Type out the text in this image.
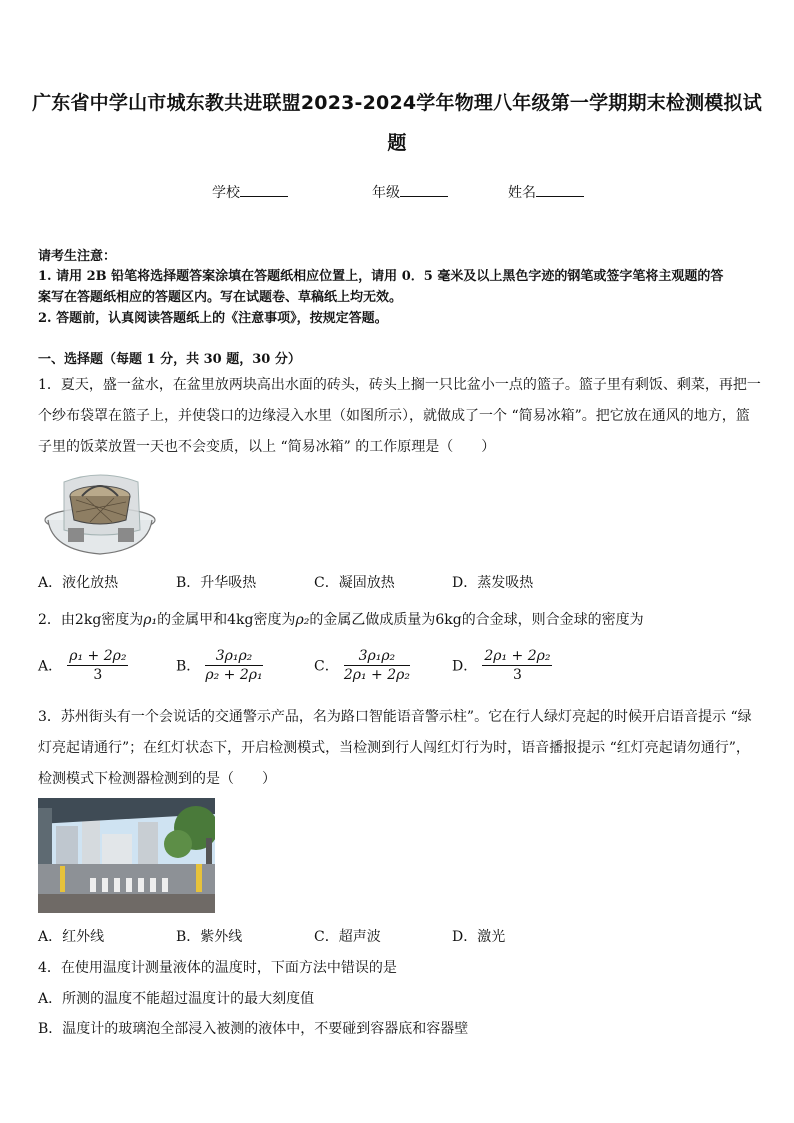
广东省中学山市城东教共进联盟2023-2024学年物理八年级第一学期期末检测模拟试
题
学校	年级	姓名
请考生注意：
1. 请用 2B 铅笔将选择题答案涂填在答题纸相应位置上，请用 0．5 毫米及以上黑色字迹的钢笔或签字笔将主观题的答
案写在答题纸相应的答题区内。写在试题卷、草稿纸上均无效。
2. 答题前，认真阅读答题纸上的《注意事项》，按规定答题。
一、选择题（每题 1 分，共 30 题，30 分）
1．夏天，盛一盆水，在盆里放两块高出水面的砖头，砖头上搁一只比盆小一点的篮子。篮子里有剩饭、剩菜，再把一
个纱布袋罩在篮子上，并使袋口的边缘浸入水里（如图所示），就做成了一个 “简易冰箱”。把它放在通风的地方，篮
子里的饭菜放置一天也不会变质，以上 “简易冰箱” 的工作原理是（　　）
A．液化放热	B．升华吸热	C．凝固放热	D．蒸发吸热
2．由2kg密度为ρ₁的金属甲和4kg密度为ρ₂的金属乙做成质量为6kg的合金球，则合金球的密度为
A． $\frac{\text{ρ₁ + 2ρ₂}}{3}$	B． $\frac{\text{3ρ₁ρ₂}}{\text{ρ₂ + 2ρ₁}}$	C． $\frac{\text{3ρ₁ρ₂}}{\text{2ρ₁ + 2ρ₂}}$	D． $\frac{\text{2ρ₁ + 2ρ₂}}{3}$
3．苏州街头有一个会说话的交通警示产品，名为路口智能语音警示柱”。它在行人绿灯亮起的时候开启语音提示 “绿
灯亮起请通行”；在红灯状态下，开启检测模式，当检测到行人闯红灯行为时，语音播报提示 “红灯亮起请勿通行”，
检测模式下检测器检测到的是（　　）
A．红外线	B．紫外线	C．超声波	D．激光
4．在使用温度计测量液体的温度时，下面方法中错误的是
A．所测的温度不能超过温度计的最大刻度值
B．温度计的玻璃泡全部浸入被测的液体中，不要碰到容器底和容器壁
